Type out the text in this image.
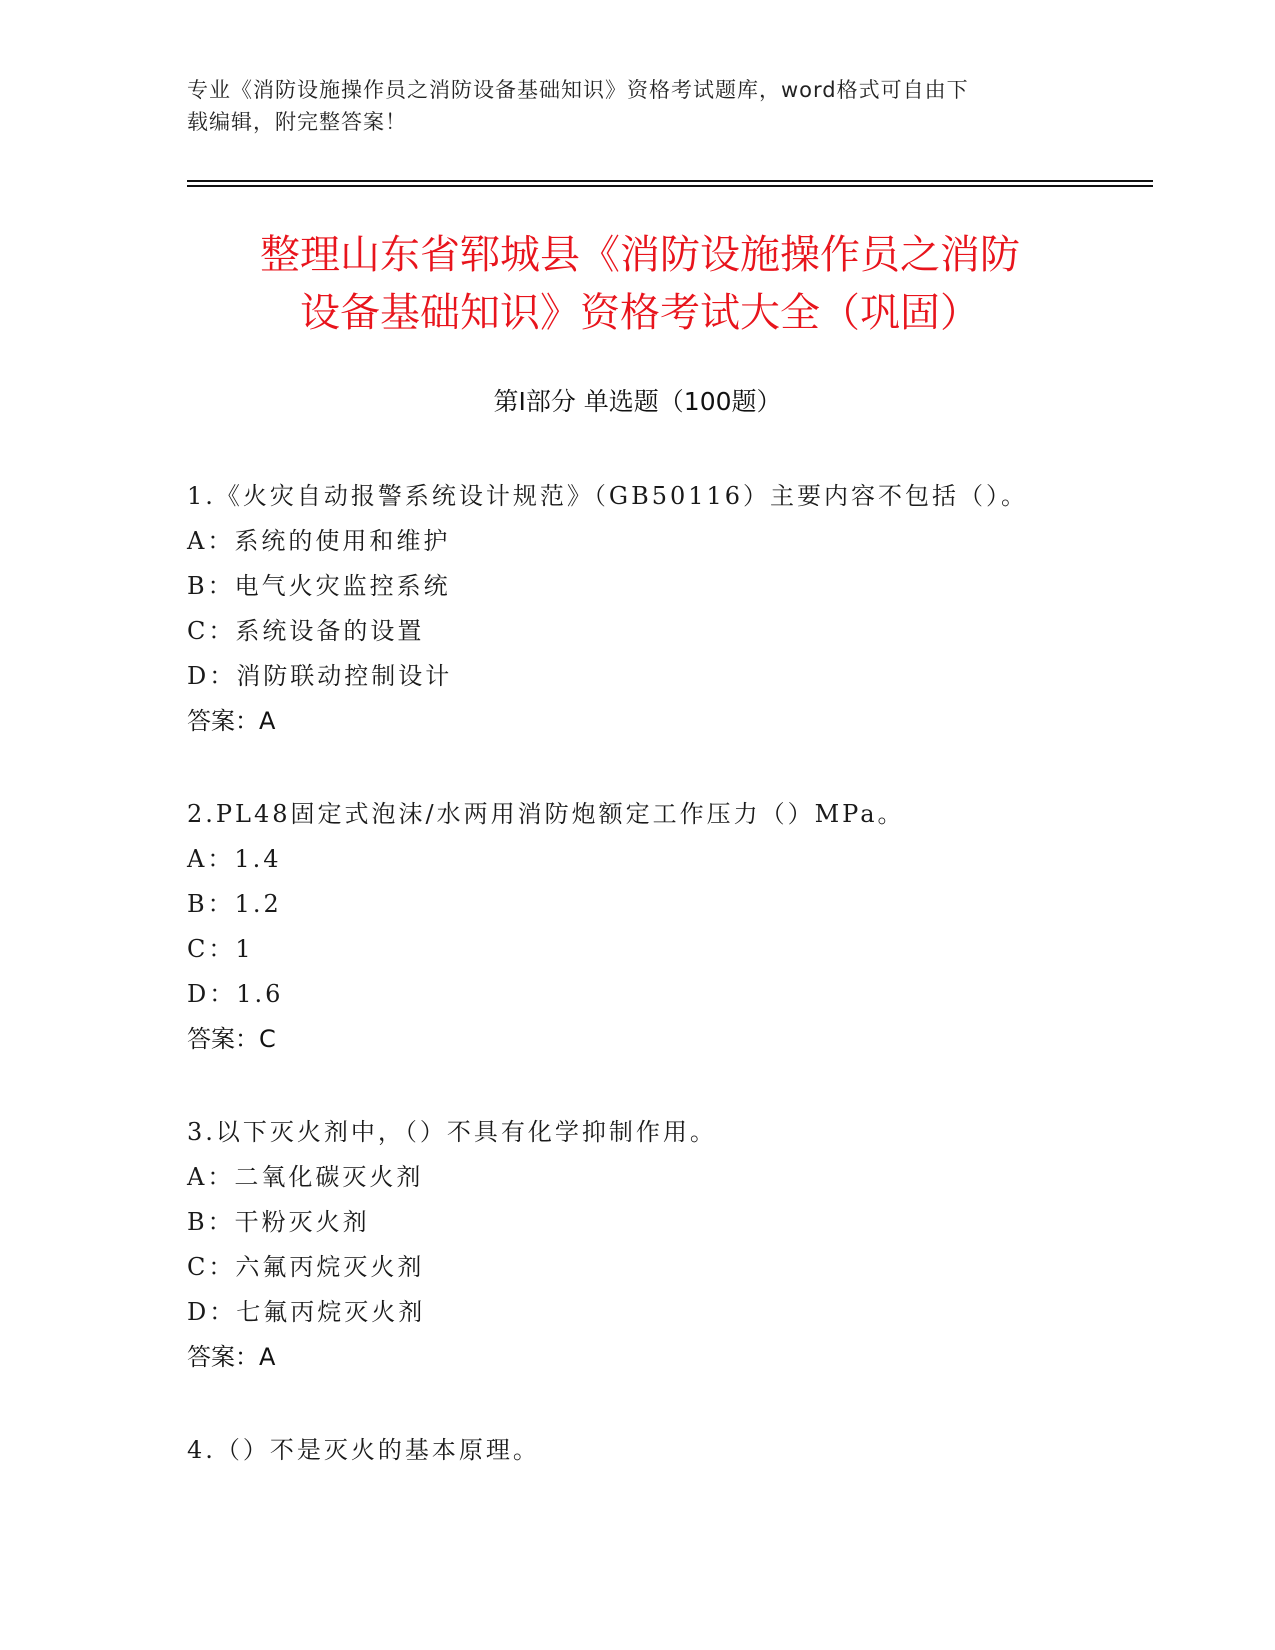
专业《消防设施操作员之消防设备基础知识》资格考试题库，word格式可自由下
载编辑，附完整答案！
整理山东省郓城县《消防设施操作员之消防
设备基础知识》资格考试大全（巩固）
第Ⅰ部分 单选题（100题）
1.《火灾自动报警系统设计规范》（GB50116）主要内容不包括（）。
A：系统的使用和维护
B：电气火灾监控系统
C：系统设备的设置
D：消防联动控制设计
答案：A
2.PL48固定式泡沫/水两用消防炮额定工作压力（）MPa。
A：1.4
B：1.2
C：1
D：1.6
答案：C
3.以下灭火剂中，（）不具有化学抑制作用。
A：二氧化碳灭火剂
B：干粉灭火剂
C：六氟丙烷灭火剂
D：七氟丙烷灭火剂
答案：A
4.（）不是灭火的基本原理。
